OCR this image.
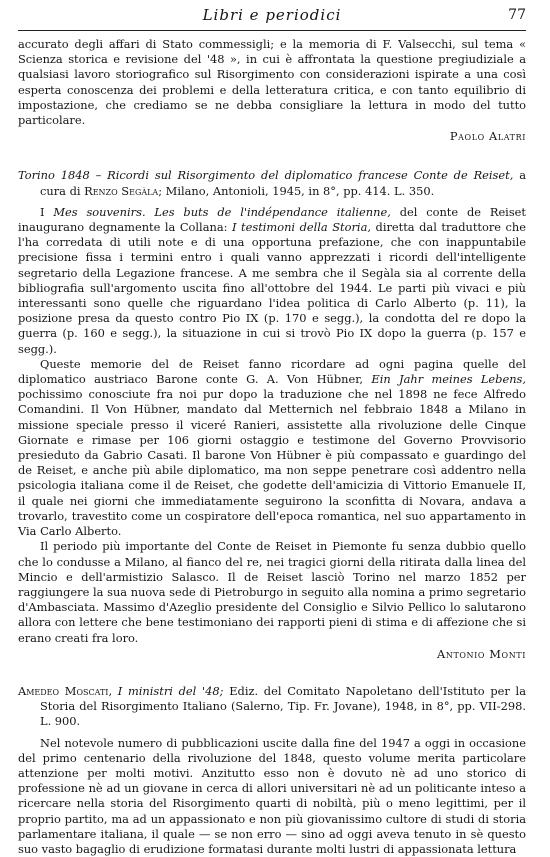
Libri e periodici	77

accurato degli affari di Stato commessigli; e la memoria di F. Valsecchi, sul tema « Scienza storica e revisione del '48 », in cui è affrontata la questione pregiudiziale a qualsiasi lavoro storiografico sul Risorgimento con considerazioni ispirate a una così esperta conoscenza dei problemi e della letteratura critica, e con tanto equilibrio di impostazione, che crediamo se ne debba consigliare la lettura in modo del tutto particolare.

Paolo Alatri
Torino 1848 – Ricordi sul Risorgimento del diplomatico francese Conte de Reiset, a cura di Renzo Segàla; Milano, Antonioli, 1945, in 8°, pp. 414. L. 350.

I Mes souvenirs. Les buts de l'indépendance italienne, del conte de Reiset inaugurano degnamente la Collana: I testimoni della Storia, diretta dal traduttore che l'ha corredata di utili note e di una opportuna prefazione, che con inappuntabile precisione fissa i termini entro i quali vanno apprezzati i ricordi dell'intelligente segretario della Legazione francese. A me sembra che il Segàla sia al corrente della bibliografia sull'argomento uscita fino all'ottobre del 1944. Le parti più vivaci e più interessanti sono quelle che riguardano l'idea politica di Carlo Alberto (p. 11), la posizione presa da questo contro Pio IX (p. 170 e segg.), la condotta del re dopo la guerra (p. 160 e segg.), la situazione in cui si trovò Pio IX dopo la guerra (p. 157 e segg.).

Queste memorie del de Reiset fanno ricordare ad ogni pagina quelle del diplomatico austriaco Barone conte G. A. Von Hübner, Ein Jahr meines Lebens, pochissimo conosciute fra noi pur dopo la traduzione che nel 1898 ne fece Alfredo Comandini. Il Von Hübner, mandato dal Metternich nel febbraio 1848 a Milano in missione speciale presso il viceré Ranieri, assistette alla rivoluzione delle Cinque Giornate e rimase per 106 giorni ostaggio e testimone del Governo Provvisorio presieduto da Gabrio Casati. Il barone Von Hübner è più compassato e guardingo del de Reiset, e anche più abile diplomatico, ma non seppe penetrare così addentro nella psicologia italiana come il de Reiset, che godette dell'amicizia di Vittorio Emanuele II, il quale nei giorni che immediatamente seguirono la sconfitta di Novara, andava a trovarlo, travestito come un cospiratore dell'epoca romantica, nel suo appartamento in Via Carlo Alberto.

Il periodo più importante del Conte de Reiset in Piemonte fu senza dubbio quello che lo condusse a Milano, al fianco del re, nei tragici giorni della ritirata dalla linea del Mincio e dell'armistizio Salasco. Il de Reiset lasciò Torino nel marzo 1852 per raggiungere la sua nuova sede di Pietroburgo in seguito alla nomina a primo segretario d'Ambasciata. Massimo d'Azeglio presidente del Consiglio e Silvio Pellico lo salutarono allora con lettere che bene testimoniano dei rapporti pieni di stima e di affezione che si erano creati fra loro.

Antonio Monti
Amedeo Moscati, I ministri del '48; Ediz. del Comitato Napoletano dell'Istituto per la Storia del Risorgimento Italiano (Salerno, Tip. Fr. Jovane), 1948, in 8°, pp. VII-298. L. 900.

Nel notevole numero di pubblicazioni uscite dalla fine del 1947 a oggi in occasione del primo centenario della rivoluzione del 1848, questo volume merita particolare attenzione per molti motivi. Anzitutto esso non è dovuto nè ad uno storico di professione nè ad un giovane in cerca di allori universitari nè ad un politicante inteso a ricercare nella storia del Risorgimento quarti di nobiltà, più o meno legittimi, per il proprio partito, ma ad un appassionato e non più giovanissimo cultore di studi di storia parlamentare italiana, il quale — se non erro — sino ad oggi aveva tenuto in sè questo suo vasto bagaglio di erudizione formatasi durante molti lustri di appassionata lettura
